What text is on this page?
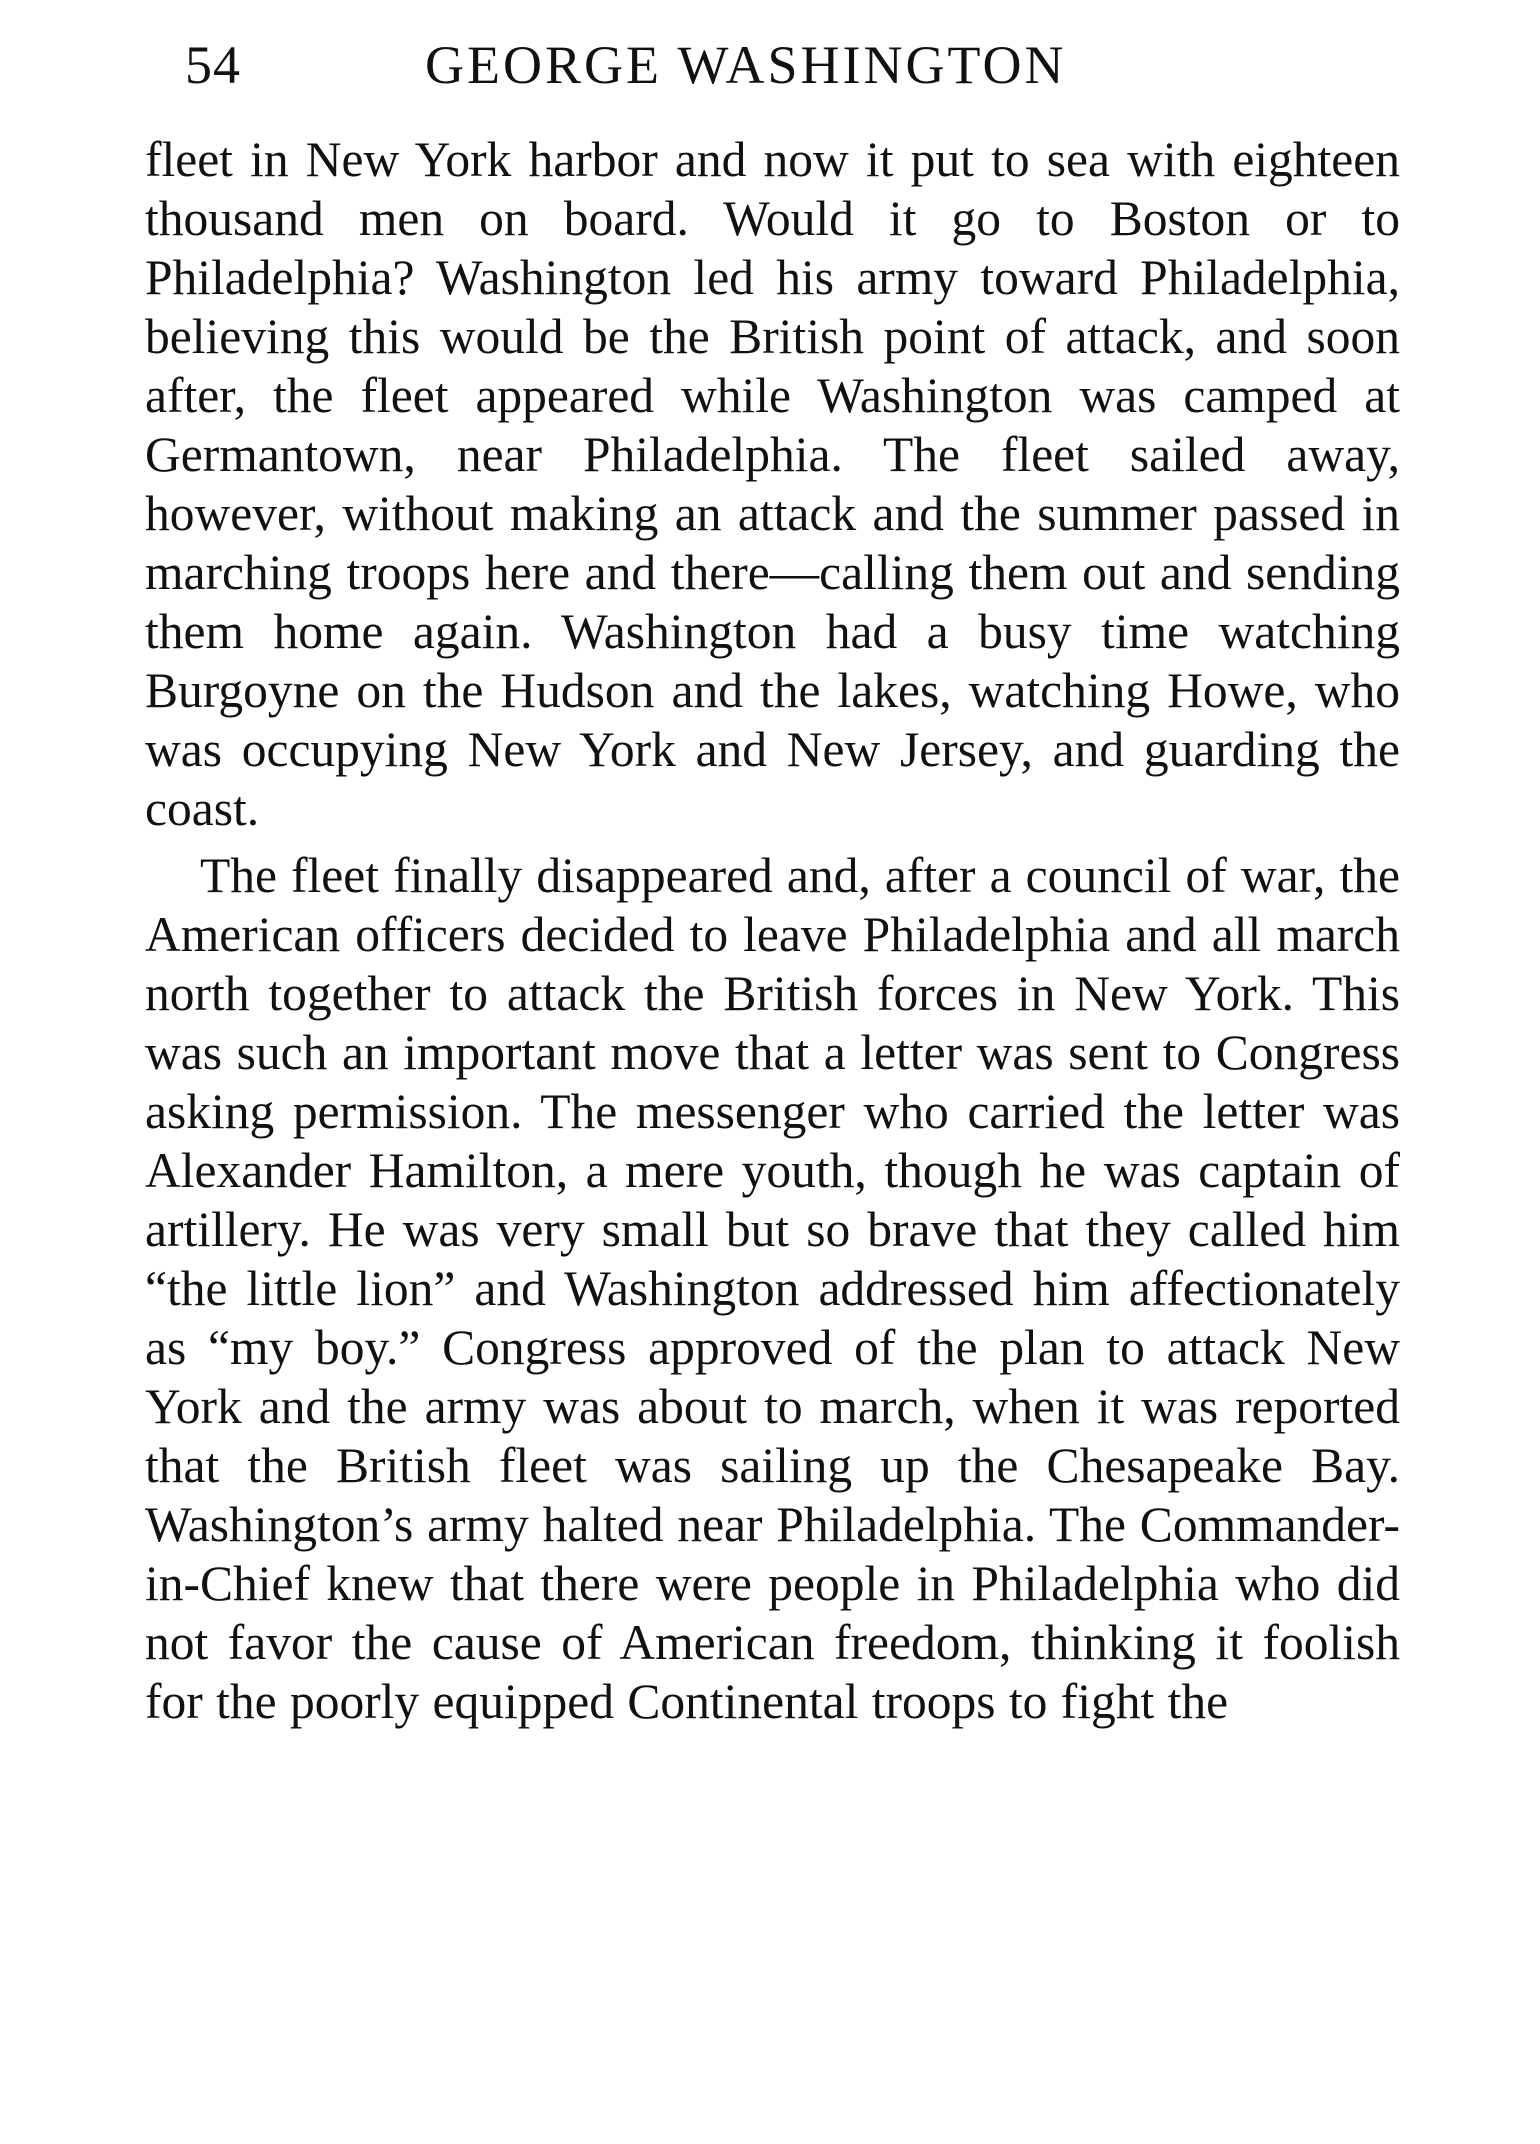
54	GEORGE WASHINGTON

fleet in New York harbor and now it put to sea with eighteen thousand men on board. Would it go to Boston or to Philadelphia? Washington led his army toward Philadelphia, believing this would be the British point of attack, and soon after, the fleet appeared while Washington was camped at Germantown, near Philadelphia. The fleet sailed away, however, without making an attack and the summer passed in marching troops here and there—calling them out and sending them home again. Washington had a busy time watching Burgoyne on the Hudson and the lakes, watching Howe, who was occupying New York and New Jersey, and guarding the coast.

The fleet finally disappeared and, after a council of war, the American officers decided to leave Philadelphia and all march north together to attack the British forces in New York. This was such an important move that a letter was sent to Congress asking permission. The messenger who carried the letter was Alexander Hamilton, a mere youth, though he was captain of artillery. He was very small but so brave that they called him “the little lion” and Washington addressed him affectionately as “my boy.” Congress approved of the plan to attack New York and the army was about to march, when it was reported that the British fleet was sailing up the Chesapeake Bay. Washington’s army halted near Philadelphia. The Commander-in-Chief knew that there were people in Philadelphia who did not favor the cause of American freedom, thinking it foolish for the poorly equipped Continental troops to fight the
